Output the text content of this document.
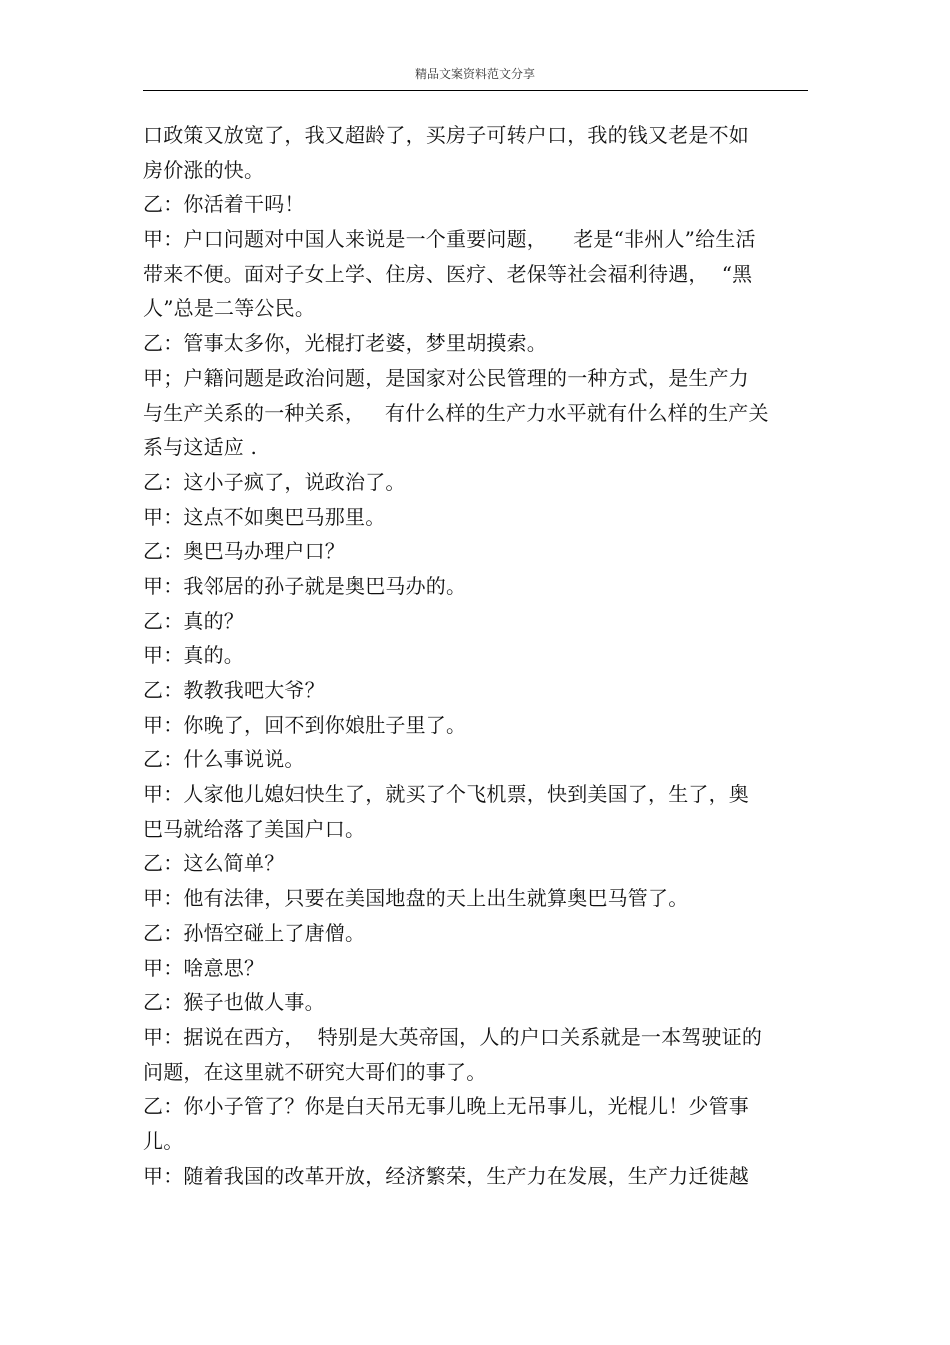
精品文案资料范文分享
口政策又放宽了，我又超龄了，买房子可转户口，我的钱又老是不如
房价涨的快。
乙：你活着干吗！
甲：户口问题对中国人来说是一个重要问题，    老是“非州人”给生活
带来不便。面对子女上学、住房、医疗、老保等社会福利待遇，  “黑
人”总是二等公民。
乙：管事太多你，光棍打老婆，梦里胡摸索。
甲；户籍问题是政治问题，是国家对公民管理的一种方式，是生产力
与生产关系的一种关系，   有什么样的生产力水平就有什么样的生产关
系与这适应 .
乙：这小子疯了，说政治了。
甲：这点不如奥巴马那里。
乙：奥巴马办理户口？
甲：我邻居的孙子就是奥巴马办的。
乙：真的？
甲：真的。
乙：教教我吧大爷？
甲：你晚了，回不到你娘肚子里了。
乙：什么事说说。
甲：人家他儿媳妇快生了，就买了个飞机票，快到美国了，生了，奥
巴马就给落了美国户口。
乙：这么简单？
甲：他有法律，只要在美国地盘的天上出生就算奥巴马管了。
乙：孙悟空碰上了唐僧。
甲：啥意思？
乙：猴子也做人事。
甲：据说在西方，  特别是大英帝国，人的户口关系就是一本驾驶证的
问题，在这里就不研究大哥们的事了。
乙：你小子管了？你是白天吊无事儿晚上无吊事儿，光棍儿！少管事
儿。
甲：随着我国的改革开放，经济繁荣，生产力在发展，生产力迁徙越
